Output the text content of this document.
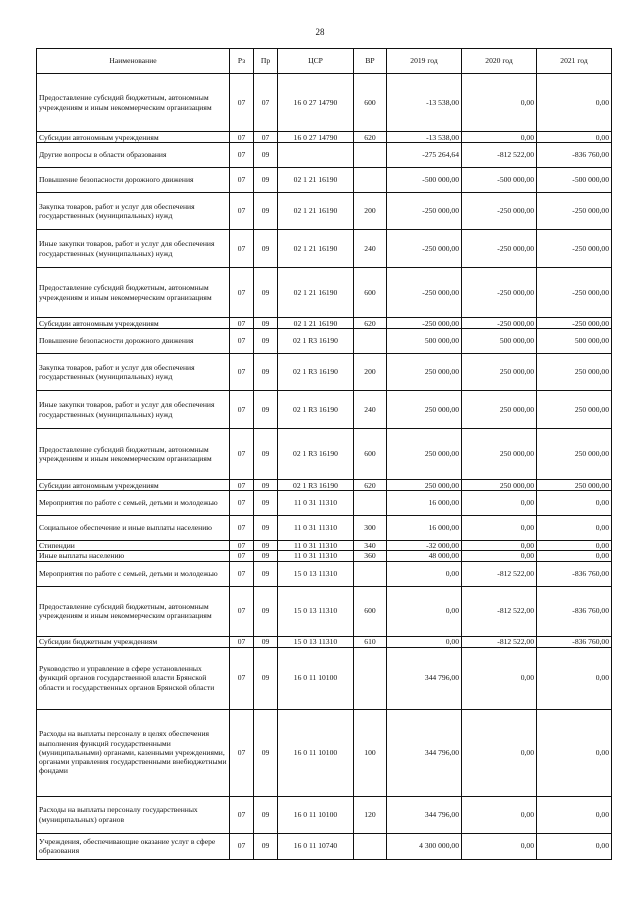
28
Наименование	Рз	Пр	ЦСР	ВР	2019 год	2020 год	2021 год
Предоставление субсидий бюджетным, автономным учреждениям и иным некоммерческим организациям	07	07	16 0 27 14790	600	-13 538,00	0,00	0,00
Субсидии автономным учреждениям	07	07	16 0 27 14790	620	-13 538,00	0,00	0,00
Другие вопросы в области образования	07	09			-275 264,64	-812 522,00	-836 760,00
Повышение безопасности дорожного движения	07	09	02 1 21 16190		-500 000,00	-500 000,00	-500 000,00
Закупка товаров, работ и услуг для обеспечения государственных (муниципальных) нужд	07	09	02 1 21 16190	200	-250 000,00	-250 000,00	-250 000,00
Иные закупки товаров, работ и услуг для обеспечения государственных (муниципальных) нужд	07	09	02 1 21 16190	240	-250 000,00	-250 000,00	-250 000,00
Предоставление субсидий бюджетным, автономным учреждениям и иным некоммерческим организациям	07	09	02 1 21 16190	600	-250 000,00	-250 000,00	-250 000,00
Субсидии автономным учреждениям	07	09	02 1 21 16190	620	-250 000,00	-250 000,00	-250 000,00
Повышение безопасности дорожного движения	07	09	02 1 R3 16190		500 000,00	500 000,00	500 000,00
Закупка товаров, работ и услуг для обеспечения государственных (муниципальных) нужд	07	09	02 1 R3 16190	200	250 000,00	250 000,00	250 000,00
Иные закупки товаров, работ и услуг для обеспечения государственных (муниципальных) нужд	07	09	02 1 R3 16190	240	250 000,00	250 000,00	250 000,00
Предоставление субсидий бюджетным, автономным учреждениям и иным некоммерческим организациям	07	09	02 1 R3 16190	600	250 000,00	250 000,00	250 000,00
Субсидии автономным учреждениям	07	09	02 1 R3 16190	620	250 000,00	250 000,00	250 000,00
Мероприятия по работе с семьей, детьми и молодежью	07	09	11 0 31 11310		16 000,00	0,00	0,00
Социальное обеспечение и иные выплаты населению	07	09	11 0 31 11310	300	16 000,00	0,00	0,00
Стипендии	07	09	11 0 31 11310	340	-32 000,00	0,00	0,00
Иные выплаты населению	07	09	11 0 31 11310	360	48 000,00	0,00	0,00
Мероприятия по работе с семьей, детьми и молодежью	07	09	15 0 13 11310		0,00	-812 522,00	-836 760,00
Предоставление субсидий бюджетным, автономным учреждениям и иным некоммерческим организациям	07	09	15 0 13 11310	600	0,00	-812 522,00	-836 760,00
Субсидии бюджетным учреждениям	07	09	15 0 13 11310	610	0,00	-812 522,00	-836 760,00
Руководство и управление в сфере установленных функций органов государственной власти Брянской области и государственных органов Брянской области	07	09	16 0 11 10100		344 796,00	0,00	0,00
Расходы на выплаты персоналу в целях обеспечения выполнения функций государственными (муниципальными) органами, казенными учреждениями, органами управления государственными внебюджетными фондами	07	09	16 0 11 10100	100	344 796,00	0,00	0,00
Расходы на выплаты персоналу государственных (муниципальных) органов	07	09	16 0 11 10100	120	344 796,00	0,00	0,00
Учреждения, обеспечивающие оказание услуг в сфере образования	07	09	16 0 11 10740		4 300 000,00	0,00	0,00
